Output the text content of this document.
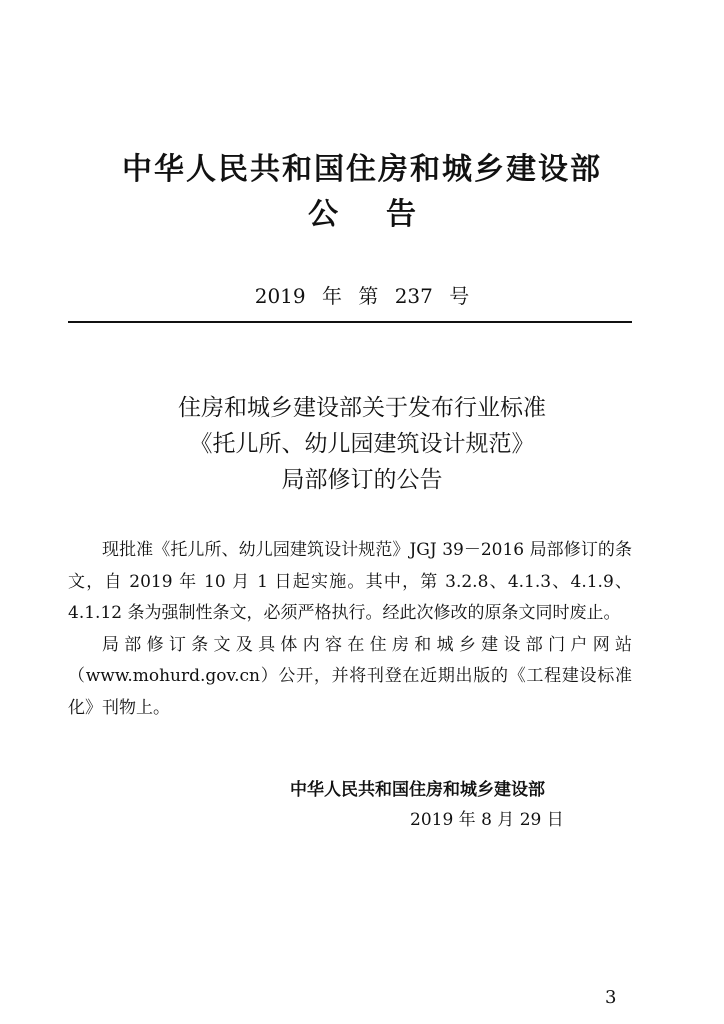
中华人民共和国住房和城乡建设部
公告
2019 年 第 237 号
住房和城乡建设部关于发布行业标准
《托儿所、幼儿园建筑设计规范》
局部修订的公告

现批准《托儿所、幼儿园建筑设计规范》JGJ 39－2016 局部修订的条文，自 2019 年 10 月 1 日起实施。其中，第 3.2.8、4.1.3、4.1.9、4.1.12 条为强制性条文，必须严格执行。经此次修改的原条文同时废止。

局部修订条文及具体内容在住房和城乡建设部门户网站（www.mohurd.gov.cn）公开，并将刊登在近期出版的《工程建设标准化》刊物上。

中华人民共和国住房和城乡建设部
2019 年 8 月 29 日
3
